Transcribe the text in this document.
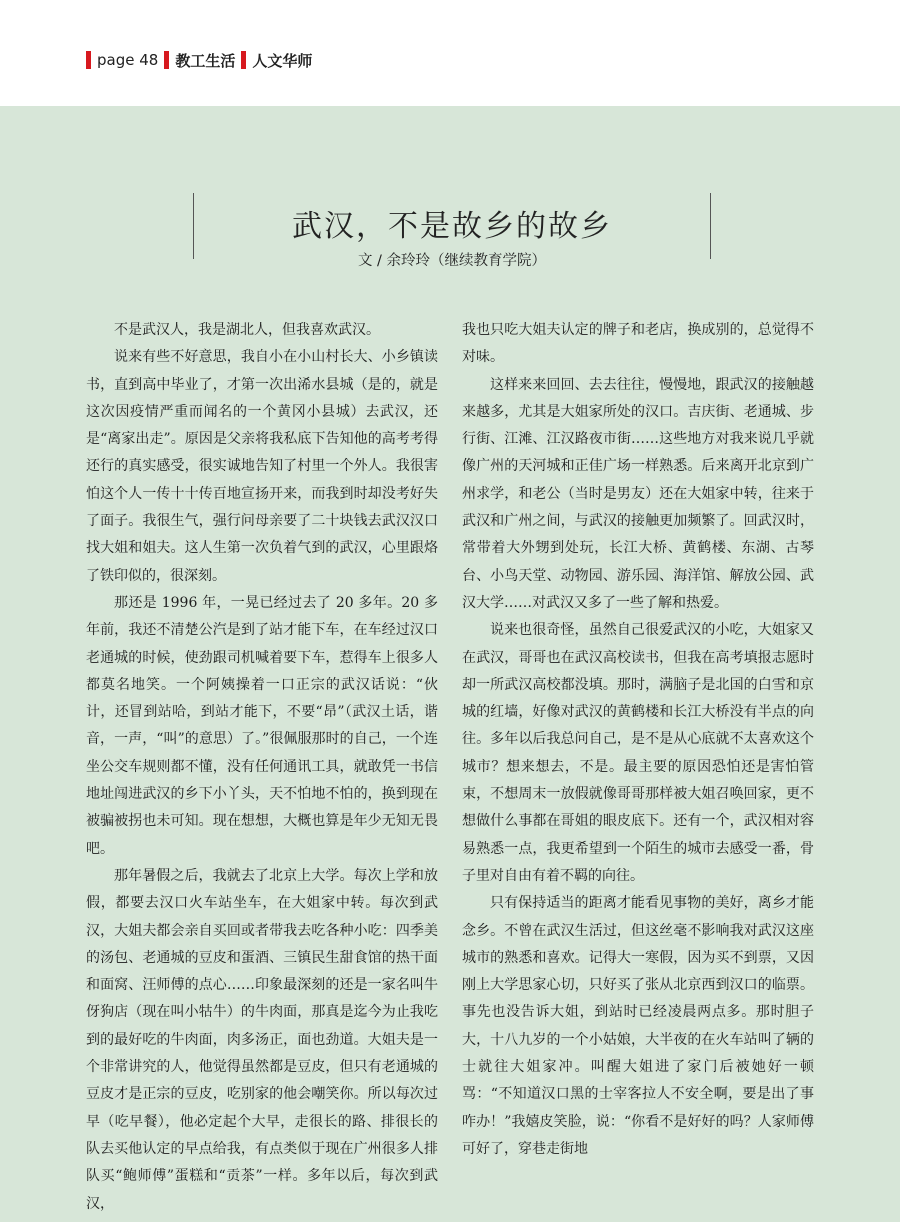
page 48 教工生活 人文华师
武汉，不是故乡的故乡
文 / 余玲玲（继续教育学院）

不是武汉人，我是湖北人，但我喜欢武汉。

说来有些不好意思，我自小在小山村长大、小乡镇读书，直到高中毕业了，才第一次出浠水县城（是的，就是这次因疫情严重而闻名的一个黄冈小县城）去武汉，还是“离家出走”。原因是父亲将我私底下告知他的高考考得还行的真实感受，很实诚地告知了村里一个外人。我很害怕这个人一传十十传百地宣扬开来，而我到时却没考好失了面子。我很生气，强行问母亲要了二十块钱去武汉汉口找大姐和姐夫。这人生第一次负着气到的武汉，心里跟烙了铁印似的，很深刻。

那还是 1996 年，一晃已经过去了 20 多年。20 多年前，我还不清楚公汽是到了站才能下车，在车经过汉口老通城的时候，使劲跟司机喊着要下车，惹得车上很多人都莫名地笑。一个阿姨操着一口正宗的武汉话说：“伙计，还冒到站哈，到站才能下，不要“昂”（武汉土话，谐音，一声，“叫”的意思）了。”很佩服那时的自己，一个连坐公交车规则都不懂，没有任何通讯工具，就敢凭一书信地址闯进武汉的乡下小丫头，天不怕地不怕的，换到现在被骗被拐也未可知。现在想想，大概也算是年少无知无畏吧。

那年暑假之后，我就去了北京上大学。每次上学和放假，都要去汉口火车站坐车，在大姐家中转。每次到武汉，大姐夫都会亲自买回或者带我去吃各种小吃：四季美的汤包、老通城的豆皮和蛋酒、三镇民生甜食馆的热干面和面窝、汪师傅的点心……印象最深刻的还是一家名叫牛伢狗店（现在叫小牯牛）的牛肉面，那真是迄今为止我吃到的最好吃的牛肉面，肉多汤正，面也劲道。大姐夫是一个非常讲究的人，他觉得虽然都是豆皮，但只有老通城的豆皮才是正宗的豆皮，吃别家的他会嘲笑你。所以每次过早（吃早餐），他必定起个大早，走很长的路、排很长的队去买他认定的早点给我，有点类似于现在广州很多人排队买“鲍师傅”蛋糕和“贡茶”一样。多年以后，每次到武汉，

我也只吃大姐夫认定的牌子和老店，换成别的，总觉得不对味。

这样来来回回、去去往往，慢慢地，跟武汉的接触越来越多，尤其是大姐家所处的汉口。吉庆街、老通城、步行街、江滩、江汉路夜市街……这些地方对我来说几乎就像广州的天河城和正佳广场一样熟悉。后来离开北京到广州求学，和老公（当时是男友）还在大姐家中转，往来于武汉和广州之间，与武汉的接触更加频繁了。回武汉时，常带着大外甥到处玩，长江大桥、黄鹤楼、东湖、古琴台、小鸟天堂、动物园、游乐园、海洋馆、解放公园、武汉大学……对武汉又多了一些了解和热爱。

说来也很奇怪，虽然自己很爱武汉的小吃，大姐家又在武汉，哥哥也在武汉高校读书，但我在高考填报志愿时却一所武汉高校都没填。那时，满脑子是北国的白雪和京城的红墙，好像对武汉的黄鹤楼和长江大桥没有半点的向往。多年以后我总问自己，是不是从心底就不太喜欢这个城市？想来想去，不是。最主要的原因恐怕还是害怕管束，不想周末一放假就像哥哥那样被大姐召唤回家，更不想做什么事都在哥姐的眼皮底下。还有一个，武汉相对容易熟悉一点，我更希望到一个陌生的城市去感受一番，骨子里对自由有着不羁的向往。

只有保持适当的距离才能看见事物的美好，离乡才能念乡。不曾在武汉生活过，但这丝毫不影响我对武汉这座城市的熟悉和喜欢。记得大一寒假，因为买不到票，又因刚上大学思家心切，只好买了张从北京西到汉口的临票。事先也没告诉大姐，到站时已经凌晨两点多。那时胆子大，十八九岁的一个小姑娘，大半夜的在火车站叫了辆的士就往大姐家冲。叫醒大姐进了家门后被她好一顿骂：“不知道汉口黑的士宰客拉人不安全啊，要是出了事咋办！”我嬉皮笑脸，说：“你看不是好好的吗？人家师傅可好了，穿巷走街地
